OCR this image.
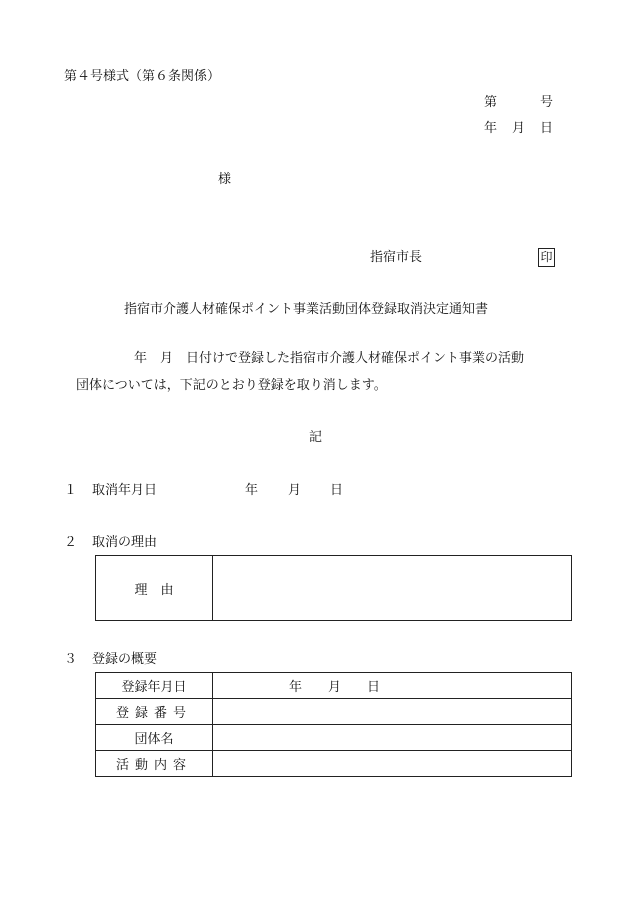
第４号様式（第６条関係）
第	号
年 月 日
様
指宿市長	印
指宿市介護人材確保ポイント事業活動団体登録取消決定通知書
年　月　日付けで登録した指宿市介護人材確保ポイント事業の活動
団体については，下記のとおり登録を取り消します。
記
１ 取消年月日	年 月 日
２ 取消の理由
理　由	
３ 登録の概要
登録年月日	年　　月　　日
登録番号	
団体名	
活動内容	
